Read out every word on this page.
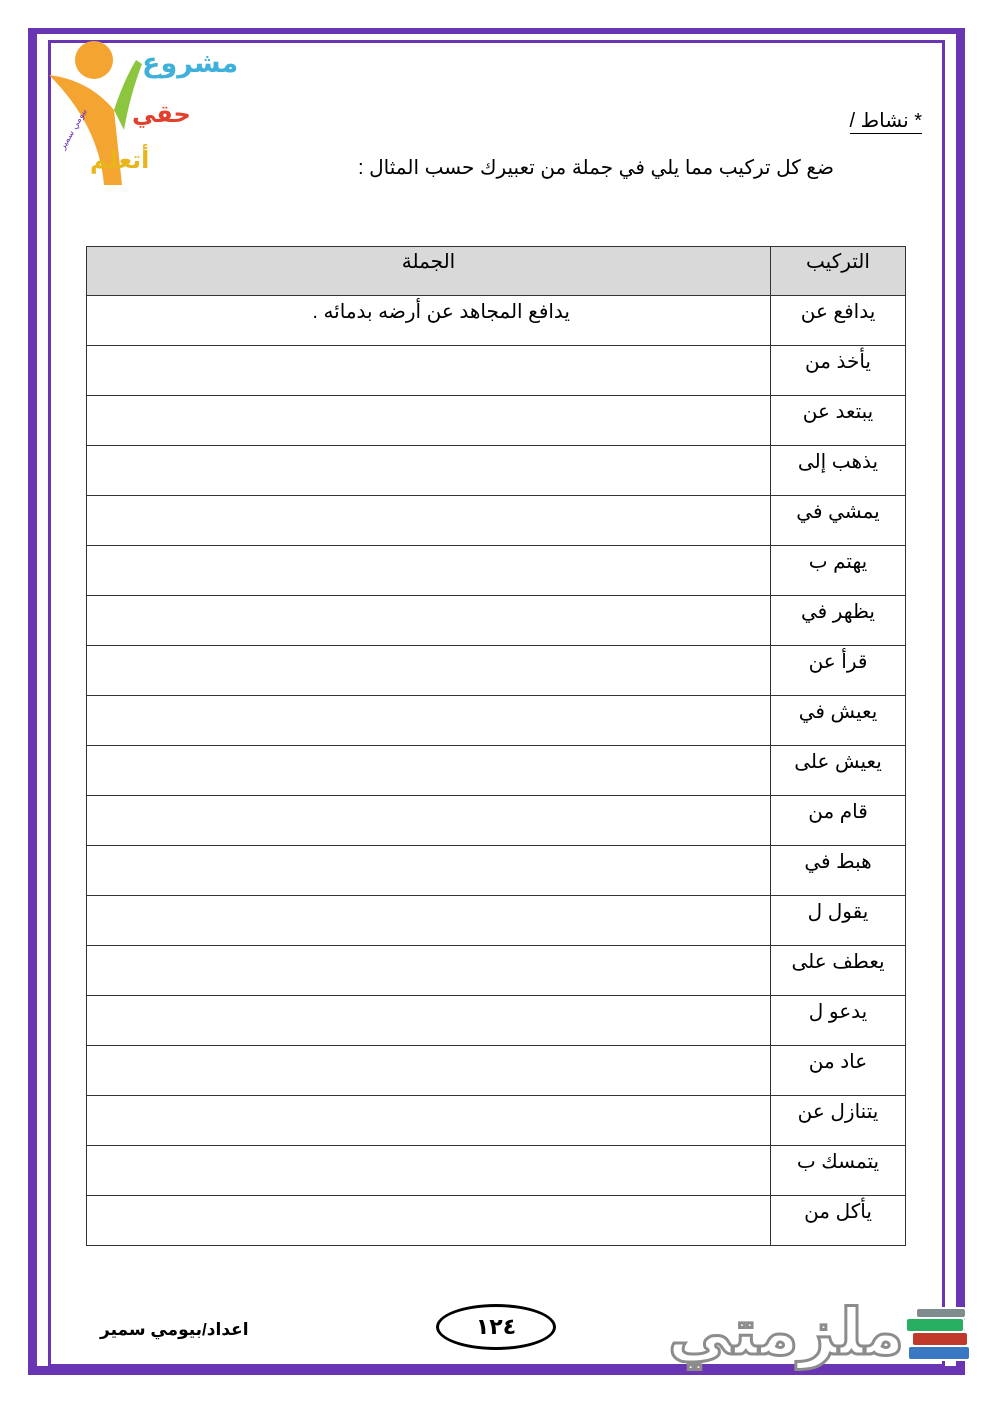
بيومي سمير
مشروع
حقي
أتعلم
* نشاط /
ضع كل تركيب مما يلي في جملة من تعبيرك حسب المثال :
التركيب	الجملة
يدافع عن	يدافع المجاهد عن أرضه بدمائه .
يأخذ من	
يبتعد عن	
يذهب إلى	
يمشي في	
يهتم ب	
يظهر في	
قرأ عن	
يعيش في	
يعيش على	
قام من	
هبط في	
يقول ل	
يعطف على	
يدعو ل	
عاد من	
يتنازل عن	
يتمسك ب	
يأكل من	
اعداد/بيومي سمير	١٢٤	ملزمتي
